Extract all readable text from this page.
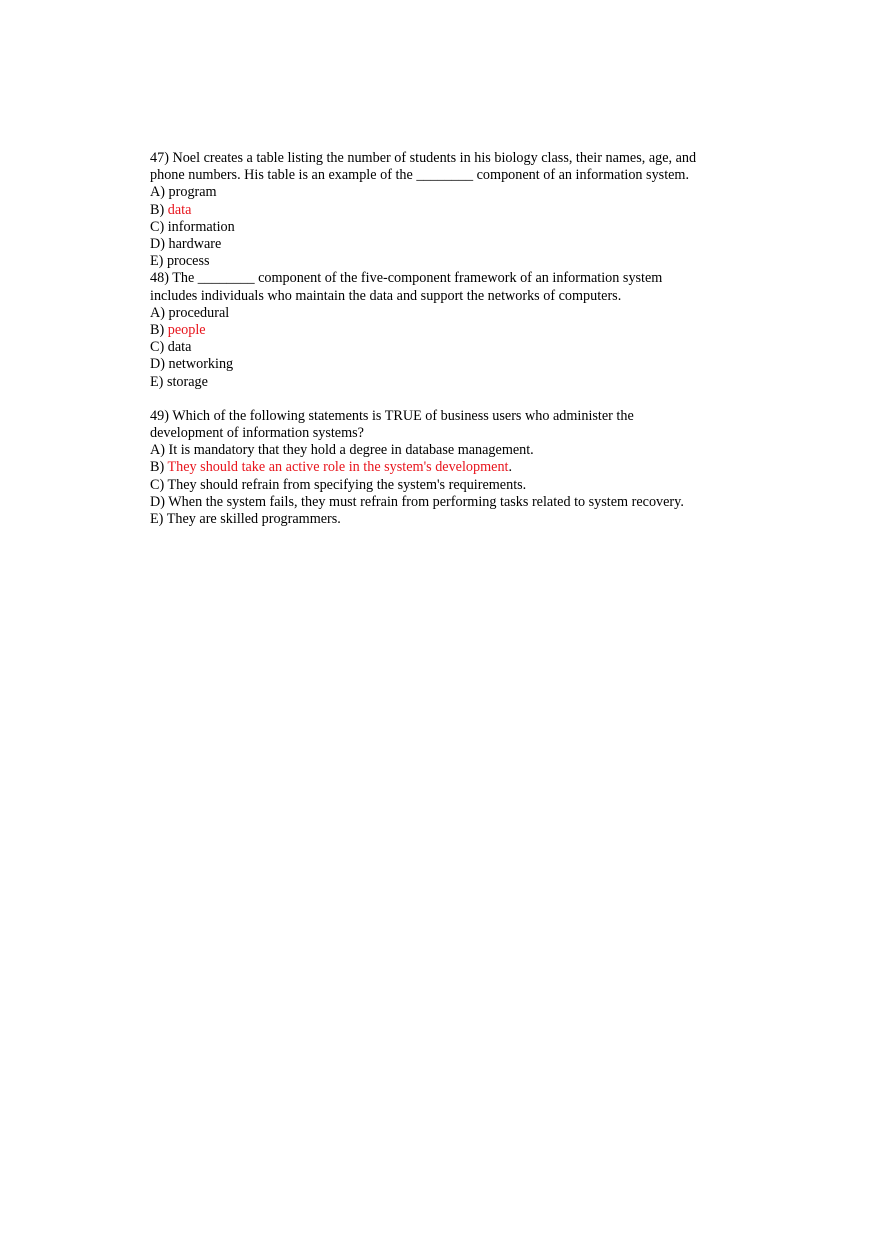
47) Noel creates a table listing the number of students in his biology class, their names, age, and
phone numbers. His table is an example of the ________ component of an information system.
A) program
B) data
C) information
D) hardware
E) process
48) The ________ component of the five-component framework of an information system
includes individuals who maintain the data and support the networks of computers.
A) procedural
B) people
C) data
D) networking
E) storage
49) Which of the following statements is TRUE of business users who administer the
development of information systems?
A) It is mandatory that they hold a degree in database management.
B) They should take an active role in the system's development.
C) They should refrain from specifying the system's requirements.
D) When the system fails, they must refrain from performing tasks related to system recovery.
E) They are skilled programmers.
